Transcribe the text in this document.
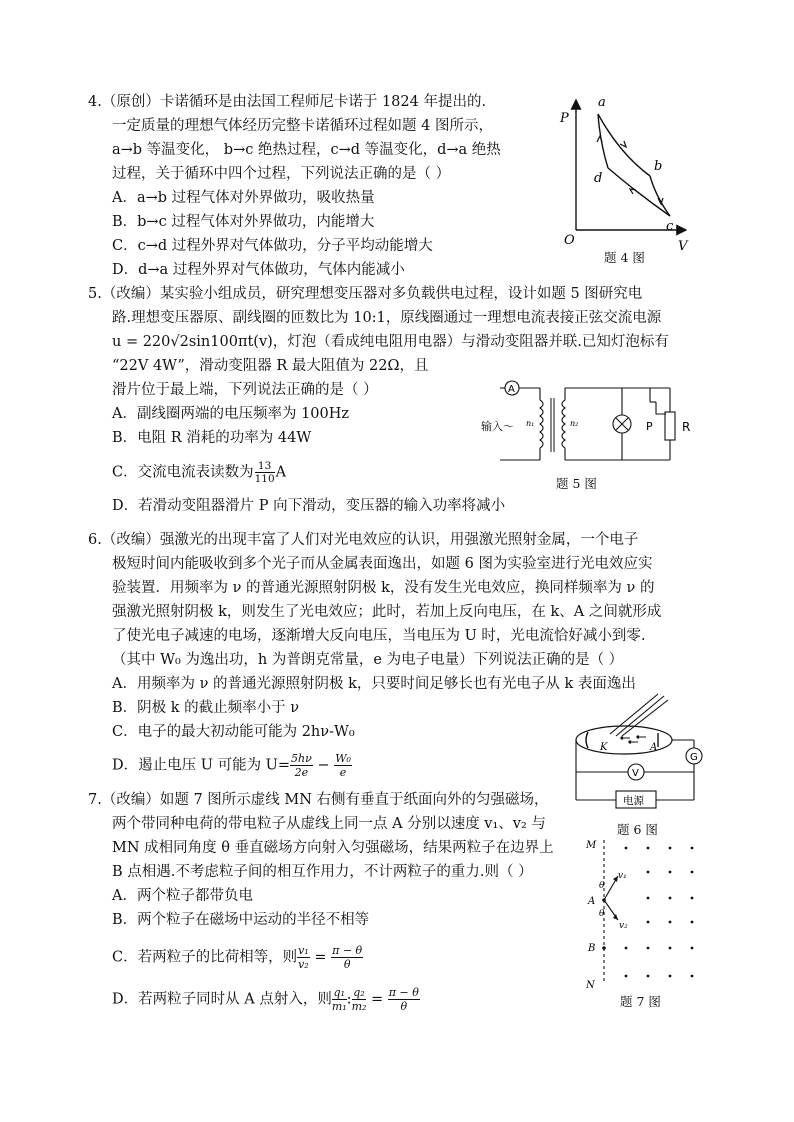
4.（原创）卡诺循环是由法国工程师尼卡诺于 1824 年提出的.
一定质量的理想气体经历完整卡诺循环过程如题 4 图所示，
a→b 等温变化， b→c 绝热过程，c→d 等温变化，d→a 绝热
过程，关于循环中四个过程，下列说法正确的是（ ）
A．a→b 过程气体对外界做功，吸收热量
B．b→c 过程气体对外界做功，内能增大
C．c→d 过程外界对气体做功，分子平均动能增大
D．d→a 过程外界对气体做功，气体内能减小
P
V
O
a
b
c
d
题 4 图
5.（改编）某实验小组成员，研究理想变压器对多负载供电过程，设计如题 5 图研究电
路.理想变压器原、副线圈的匝数比为 10:1，原线圈通过一理想电流表接正弦交流电源
u = 220√2sin100πt(v)，灯泡（看成纯电阻用电器）与滑动变阻器并联.已知灯泡标有
“22V 4W”，滑动变阻器 R 最大阻值为 22Ω，且
滑片位于最上端，下列说法正确的是（ ）
A．副线圈两端的电压频率为 100Hz
B．电阻 R 消耗的功率为 44W
C．交流电流表读数为 $\frac{13}{110}$ A
D．若滑动变阻器滑片 P 向下滑动，变压器的输入功率将减小
A
n₁	n₂	P R
输入～
题 5 图
6.（改编）强激光的出现丰富了人们对光电效应的认识，用强激光照射金属，一个电子
极短时间内能吸收到多个光子而从金属表面逸出，如题 6 图为实验室进行光电效应实
验装置．用频率为 ν 的普通光源照射阴极 k，没有发生光电效应，换同样频率为 ν 的
强激光照射阴极 k，则发生了光电效应；此时，若加上反向电压，在 k、A 之间就形成
了使光电子减速的电场，逐渐增大反向电压，当电压为 U 时，光电流恰好减小到零.
（其中 W₀ 为逸出功，h 为普朗克常量，e 为电子电量）下列说法正确的是（ ）
A．用频率为 ν 的普通光源照射阴极 k，只要时间足够长也有光电子从 k 表面逸出
B．阴极 k 的截止频率小于 ν
C．电子的最大初动能可能为 2hν-W₀
D．遏止电压 U 可能为 $U= \frac{5h\nu}{2e} - \frac{\text{W₀}}{e}$
K	A
G
V
电源
题 6 图
7.（改编）如题 7 图所示虚线 MN 右侧有垂直于纸面向外的匀强磁场，
两个带同种电荷的带电粒子从虚线上同一点 A 分别以速度 v₁、v₂ 与
MN 成相同角度 θ 垂直磁场方向射入匀强磁场，结果两粒子在边界上
B 点相遇.不考虑粒子间的相互作用力，不计两粒子的重力.则（ ）
A．两个粒子都带负电
B．两个粒子在磁场中运动的半径不相等
C．若两粒子的比荷相等，则 $\frac{\text{v₁}}{\text{v₂}} = \frac{\pi - \theta}{\theta}$
D．若两粒子同时从 A 点射入，则 $\frac{\text{q₁}}{\text{m₁}}$ : $\frac{\text{q₂}}{\text{m₂}} = \frac{\pi - \theta}{\theta}$
M
N
A
B
v₁
v₂
θ
θ
题 7 图
